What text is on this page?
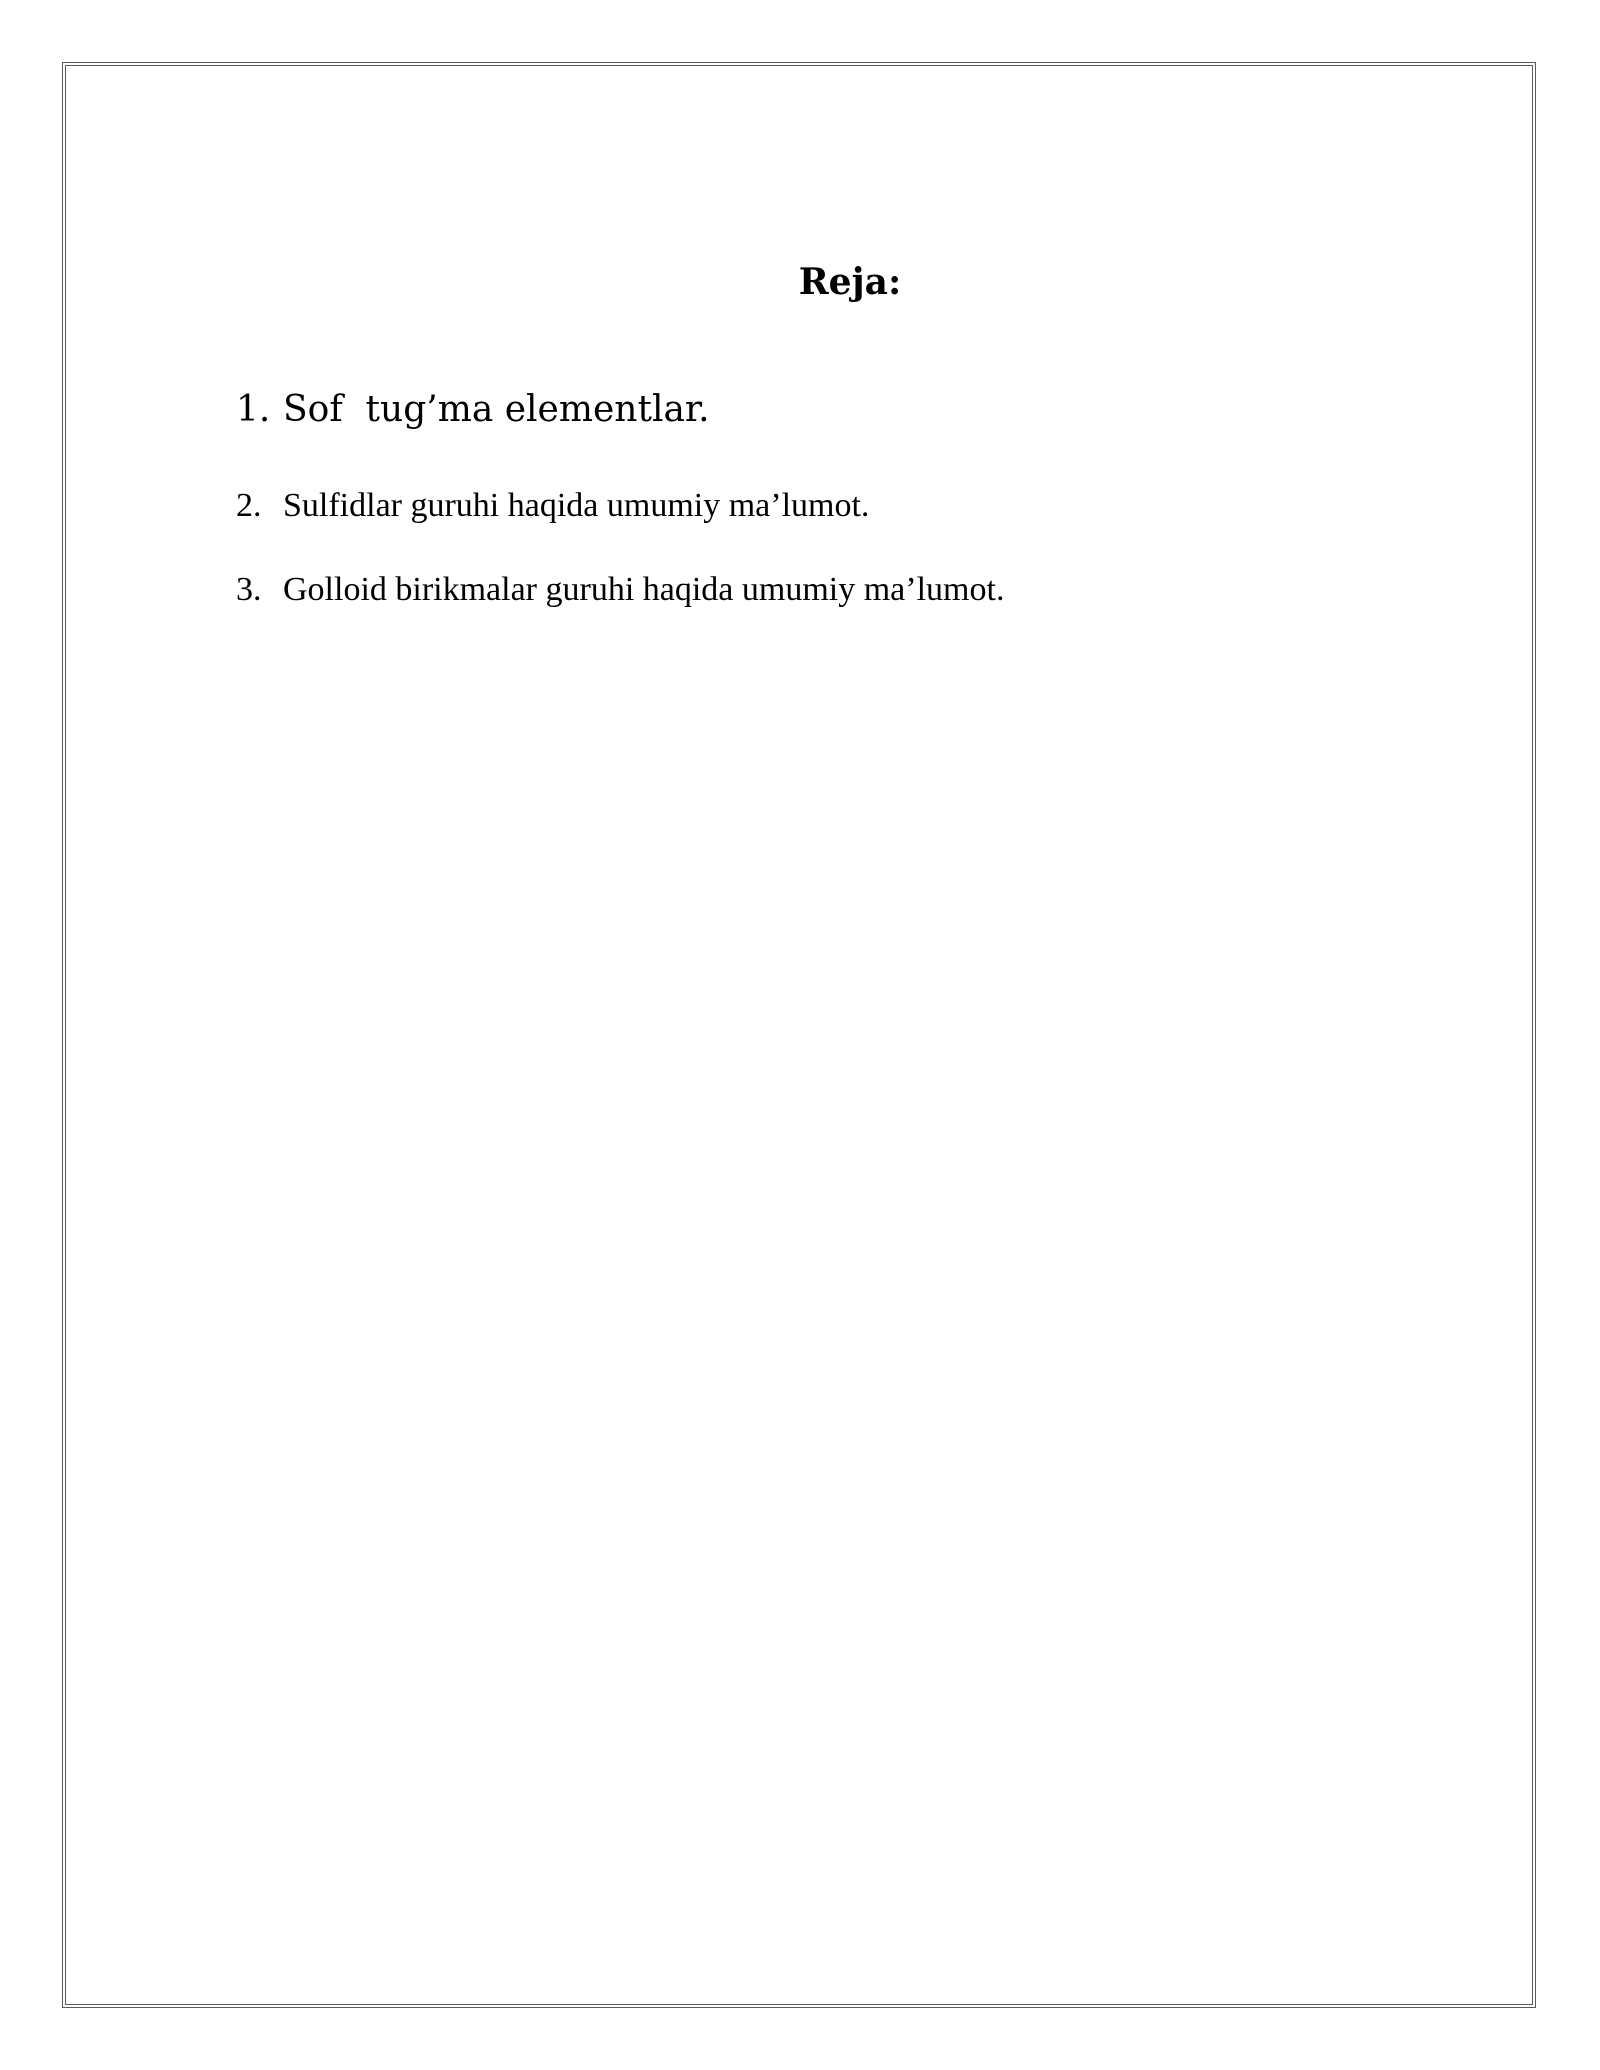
Reja:
1. Sof  tug’ma elementlar.
2. Sulfidlar guruhi haqida umumiy ma’lumot.
3. Golloid birikmalar guruhi haqida umumiy ma’lumot.
